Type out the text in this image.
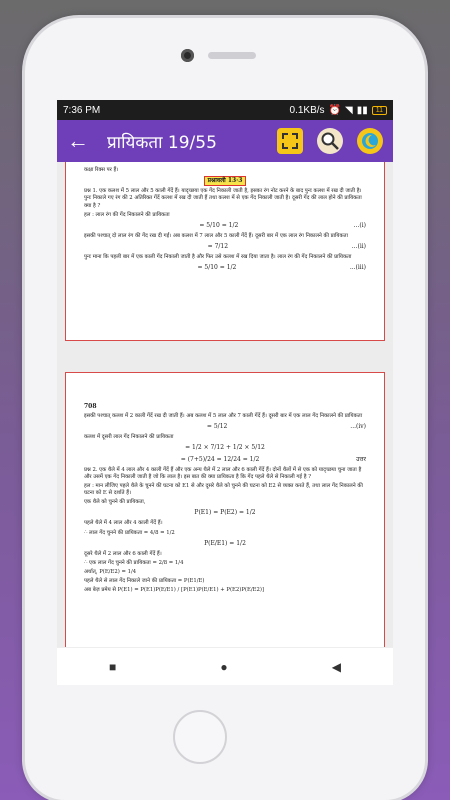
7:36 PM	0.1KB/s ⏰ ◥ ▮▮	11
←	प्रायिकता 19/55

कक्षा रिक्स पर हैं।

प्रश्नावली 13·3

प्रश्न 1. एक कलश में 5 लाल और 5 काली गेंदें हैं। यादृच्छया एक गेंद निकाली जाती है, इसका रंग नोट करने के बाद पुनः कलश में रख दी जाती है। पुनः निकाले गए रंग की 2 अतिरिक्त गेंदें कलश में रख दी जाती हैं तथा कलश में से एक गेंद निकाली जाती है। दूसरी गेंद की लाल होने की प्रायिकता क्या है ?

हल : लाल रंग की गेंद निकालने की प्रायिकता

= 5/10 = 1/2	...(i)

इसकी पश्चात् दो लाल रंग की गेंद रख दी गईं। अब कलश में 7 लाल और 5 काली गेंदें हैं। दूसरी बार में एक लाल रंग निकालने की प्रायिकता

= 7/12	...(ii)

पुनः माना कि पहली बार में एक काली गेंद निकाली जाती है और फिर उसे कलश में रख दिया जाता है। लाल रंग की गेंद निकालने की प्रायिकता

= 5/10 = 1/2	...(iii)

708

इसकी पश्चात् कलश में 2 काली गेंदें रख दी जाती हैं। अब कलश में 5 लाल और 7 काली गेंदें हैं। दूसरी बार में एक लाल गेंद निकालने की प्रायिकता

= 5/12	...(iv)

कलश में दूसरी लाल गेंद निकालने की प्रायिकता

= 1/2 × 7/12 + 1/2 × 5/12
= (7+5)/24 = 12/24 = 1/2	उत्तर

प्रश्न 2. एक थैले में 4 लाल और 4 काली गेंदें हैं और एक अन्य थैले में 2 लाल और 6 काली गेंदें हैं। दोनों थैलों में से एक को यादृच्छया चुना जाता है और उसमें एक गेंद निकाली जाती है जो कि लाल है। इस बात की क्या प्रायिकता है कि गेंद पहले थैले से निकाली गई है ?

हल : मान लीजिए पहले थैले के चुनने की घटना को E1 से और दूसरे थैले को चुनने की घटना को E2 से व्यक्त करते हैं, तथा लाल गेंद निकालने की घटना को E से दर्शाते हैं।

एक थैले को चुनने की प्रायिकता,

P(E1) = P(E2) = 1/2

पहले थैले में 4 लाल और 4 काली गेंदें हैं।

∴ लाल गेंद चुनने की प्रायिकता = 4/8 = 1/2

P(E/E1) = 1/2

दूसरे थैले में 2 लाल और 6 काली गेंदें हैं।

∴ एक लाल गेंद चुनने की प्रायिकता = 2/8 = 1/4

अर्थात्, P(E/E2) = 1/4

पहले थैले से लाल गेंद निकाले जाने की प्रायिकता = P(E1/E)

अब बेज़ प्रमेय से P(E1) = P(E1)P(E/E1) / [P(E1)P(E/E1) + P(E2)P(E/E2)]

■	●	◀
